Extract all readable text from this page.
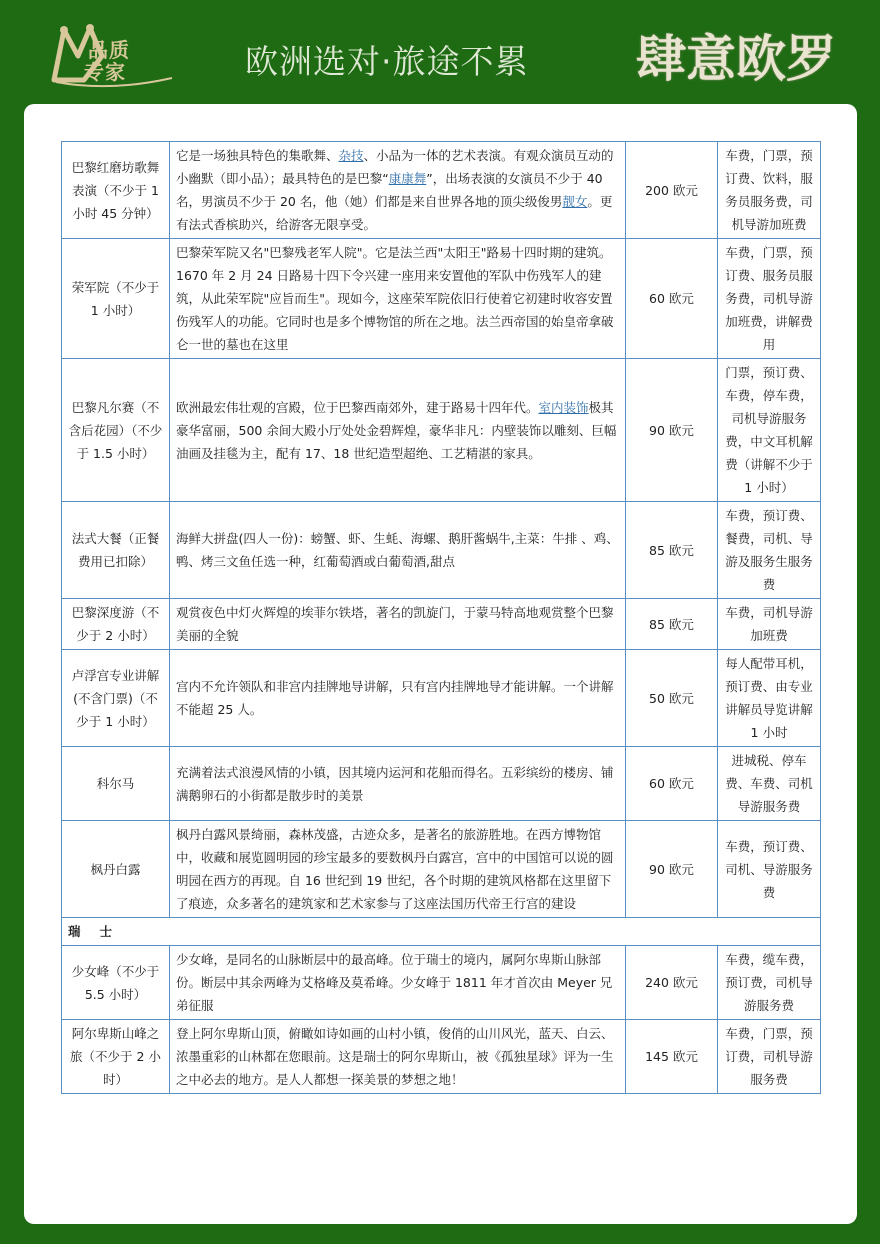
品质
专家	欧洲选对·旅途不累 肆意欧罗
巴黎红磨坊歌舞表演（不少于 1 小时 45 分钟）	它是一场独具特色的集歌舞、杂技、小品为一体的艺术表演。有观众演员互动的小幽默（即小品）；最具特色的是巴黎“康康舞”，出场表演的女演员不少于 40 名，男演员不少于 20 名，他（她）们都是来自世界各地的顶尖级俊男靓女。更有法式香槟助兴，给游客无限享受。	200 欧元	车费，门票，预订费、饮料，服务员服务费，司机导游加班费
荣军院（不少于 1 小时）	巴黎荣军院又名"巴黎残老军人院"。它是法兰西"太阳王"路易十四时期的建筑。1670 年 2 月 24 日路易十四下令兴建一座用来安置他的军队中伤残军人的建筑，从此荣军院"应旨而生"。现如今，这座荣军院依旧行使着它初建时收容安置伤残军人的功能。它同时也是多个博物馆的所在之地。法兰西帝国的始皇帝拿破仑一世的墓也在这里	60 欧元	车费，门票，预订费、服务员服务费，司机导游加班费，讲解费用
巴黎凡尔赛（不含后花园）（不少于 1.5 小时）	欧洲最宏伟壮观的宫殿，位于巴黎西南郊外，建于路易十四年代。室内装饰极其豪华富丽，500 余间大殿小厅处处金碧辉煌，豪华非凡：内壁装饰以雕刻、巨幅油画及挂毯为主，配有 17、18 世纪造型超绝、工艺精湛的家具。	90 欧元	门票，预订费、车费，停车费，司机导游服务费，中文耳机解费（讲解不少于 1 小时）
法式大餐（正餐费用已扣除）	海鲜大拼盘(四人一份)：螃蟹、虾、生蚝、海螺、鹅肝酱蜗牛,主菜：牛排 、鸡、鸭、烤三文鱼任选一种，红葡萄酒或白葡萄酒,甜点	85 欧元	车费，预订费、餐费，司机、导游及服务生服务费
巴黎深度游（不少于 2 小时）	观赏夜色中灯火辉煌的埃菲尔铁塔，著名的凯旋门，于蒙马特高地观赏整个巴黎美丽的全貌	85 欧元	车费，司机导游加班费
卢浮宫专业讲解(不含门票)（不少于 1 小时）	宫内不允许领队和非宫内挂牌地导讲解，只有宫内挂牌地导才能讲解。一个讲解不能超 25 人。	50 欧元	每人配带耳机，预订费、由专业讲解员导览讲解 1 小时
科尔马	充满着法式浪漫风情的小镇，因其境内运河和花船而得名。五彩缤纷的楼房、铺满鹅卵石的小街都是散步时的美景	60 欧元	进城税、停车费、车费、司机导游服务费
枫丹白露	枫丹白露风景绮丽，森林茂盛，古迹众多，是著名的旅游胜地。在西方博物馆中，收藏和展览圆明园的珍宝最多的要数枫丹白露宫，宫中的中国馆可以说的圆明园在西方的再现。自 16 世纪到 19 世纪，各个时期的建筑风格都在这里留下了痕迹，众多著名的建筑家和艺术家参与了这座法国历代帝王行宫的建设	90 欧元	车费，预订费、司机、导游服务费
瑞 士			
少女峰（不少于 5.5 小时）	少女峰，是同名的山脉断层中的最高峰。位于瑞士的境内，属阿尔卑斯山脉部份。断层中其余两峰为艾格峰及莫希峰。少女峰于 1811 年才首次由 Meyer 兄弟征服	240 欧元	车费，缆车费，预订费，司机导游服务费
阿尔卑斯山峰之旅（不少于 2 小时）	登上阿尔卑斯山顶，俯瞰如诗如画的山村小镇，俊俏的山川风光，蓝天、白云、浓墨重彩的山林都在您眼前。这是瑞士的阿尔卑斯山，被《孤独星球》评为一生之中必去的地方。是人人都想一探美景的梦想之地！	145 欧元	车费，门票，预订费，司机导游服务费
